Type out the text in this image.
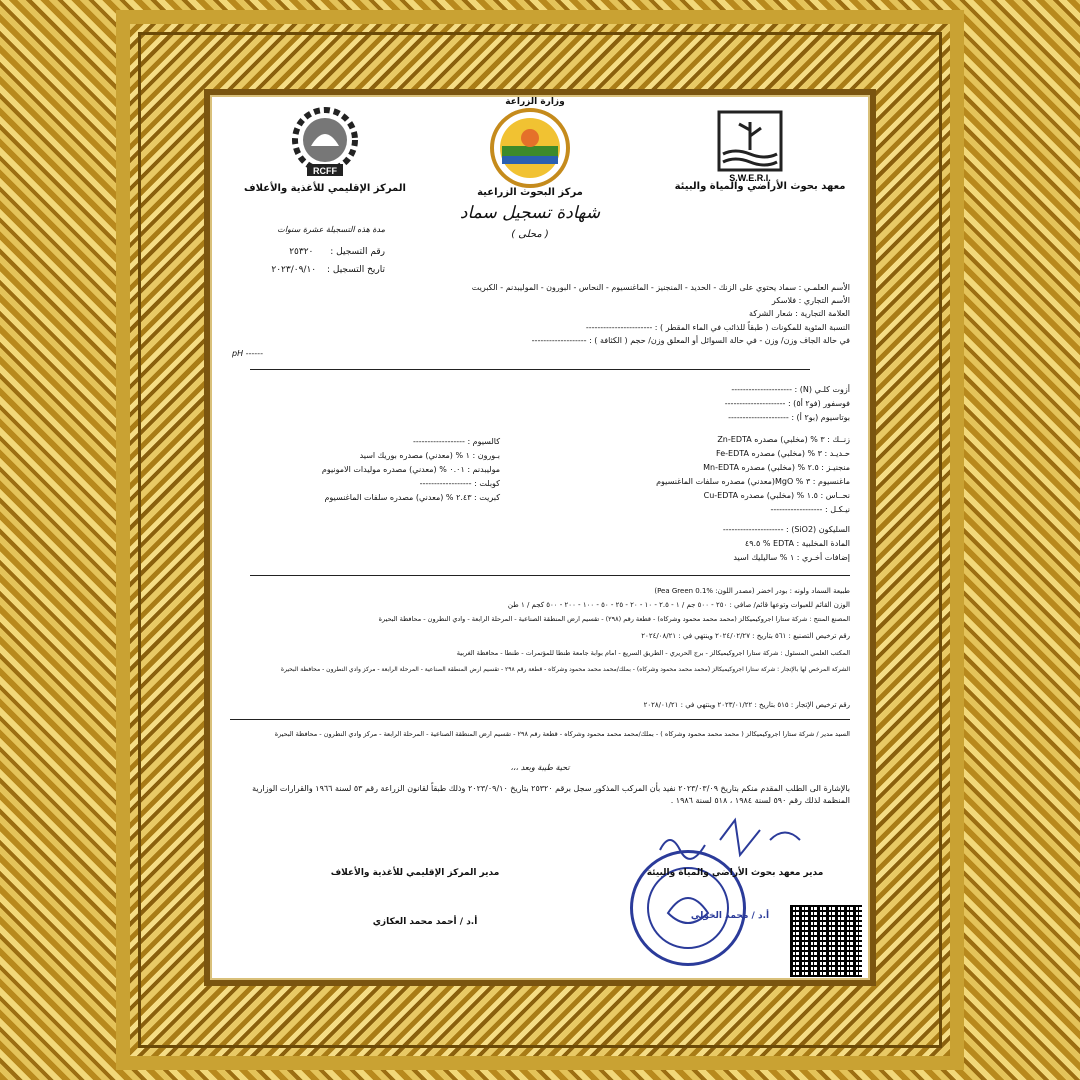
RCFF
وزارة الزراعة
S.W.E.R.I.
المركز الإقليمي للأغذية والأعلاف	مركز البحوث الزراعية
معهد بحوث الأراضي والمياة والبيئة
شهادة تسجيل سماد
( محلى )
مدة هذه التسجيلة عشرة سنوات
رقم التسجيل : ٢٥٣٢٠
تاريخ التسجيل : ٢٠٢٣/٠٩/١٠
الأسم العلمـي : سماد يحتوي على الزنك - الحديد - المنجنيز - الماغنسيوم - النحاس - البورون - الموليبدنم - الكبريت
الأسم التجاري : فلاسكر
العلامة التجارية : شعار الشركة
النسبة المئوية للمكونات ( طبقاً للذائب في الماء المقطر ) : -----------------------
في حالة الجاف وزن/ وزن - في حالة السوائل أو المعلق وزن/ حجم ( الكثافة ) : -------------------
pH ------
أزوت كلـي (N) : ---------------------
فوسفور (فو٢ أ٥) : ---------------------
بوتاسيوم (بو٢ أ) : ---------------------
زنــك : ٣ % (مخلبي) مصدره Zn-EDTA
حـديـد : ٣ % (مخلبي) مصدره Fe-EDTA
منجنيـز : ٢.٥ % (مخلبي) مصدره Mn-EDTA
ماغنسيوم : ٣ % MgO(معدني) مصدره سلفات الماغنسيوم
نحــاس : ١.٥ % (مخلبي) مصدره Cu-EDTA
نيـكـل : ------------------
كالسيوم : ------------------
بـورون : ١ % (معدني) مصدره بوريك اسيد
موليبدنم : ٠.٠١ % (معدني) مصدره موليدات الامونيوم
كوبلت : ------------------
كبريت : ٢.٤٣ % (معدني) مصدره سلفات الماغنسيوم
السليكون (SiO2) : ---------------------
المادة المخلبية : EDTA % ٤٩.٥
إضافات أخـري : ١ % ساليليك اسيد
طبيعة السماد ولونه : بودر اخضر (مصدر اللون: Pea Green 0.1%)
الوزن القائم للعبوات وتوعها قائم/ صافي : ٢٥٠ - ٥٠٠ جم / ١ - ٢.٥ - ١٠ - ٢٠ - ٢٥ - ٥٠ - ١٠٠ - ٢٠٠ - ٥٠٠ كجم / ١ طن
المصنع المنتج : شركة ستارا اجروكيميكالز (محمد محمد محمود وشركاه) - قطعة رقم (٢٩٨) - تقسيم ارض المنطقة الصناعية - المرحلة الرابعة - وادي النطرون - محافظة البحيرة
رقم ترخيص التصنيع : ٥٦١ بتاريخ : ٢٠٢٤/٠٢/٢٧ وينتهي في : ٢٠٢٤/٠٨/٢١
المكتب العلمي المسئول : شركة ستارا اجروكيميكالز - برج الحريري - الطريق السريع - امام بوابة جامعة طنطا للمؤتمرات - طنطا - محافظة الغربية
الشركة المرخص لها بالإتجار : شركة ستارا اجروكيميكالز (محمد محمد محمود وشركاه) - بملك/محمد محمد محمود وشركاه - قطعة رقم ٢٩٨ - تقسيم ارض المنطقة الصناعية - المرحلة الرابعة - مركز وادي النطرون - محافظة البحيرة
رقم ترخيص الإتجار : ٥١٥ بتاريخ : ٢٠٢٣/٠١/٢٢ وينتهي في : ٢٠٢٨/٠١/٢١
السيد مدير / شركة ستارا اجروكيميكالز ( محمد محمد محمود وشركاه ) - بملك/محمد محمد محمود وشركاه - قطعة رقم ٢٩٨ - تقسيم ارض المنطقة الصناعية - المرحلة الرابعة - مركز وادي النطرون - محافظة البحيرة
تحية طيبة وبعد ،،،
بالإشارة الى الطلب المقدم منكم بتاريخ ٢٠٢٣/٠٣/٠٩ نفيد بأن المركب المذكور سجل برقم ٢٥٣٢٠ بتاريخ ٢٠٢٣/٠٩/١٠ وذلك طبقاً لقانون الزراعة رقم ٥٣ لسنة ١٩٦٦ والقرارات الوزارية المنظمة لذلك رقم ٥٩٠ لسنة ١٩٨٤ ، ٥١٨ لسنة ١٩٨٦ .
مدير المركز الإقليمي للأغذية والأعلاف
أ.د / أحمد محمد العكازي
مدير معهد بحوث الأراضي والمياة والبيئة
أ.د / محمد الخولي
